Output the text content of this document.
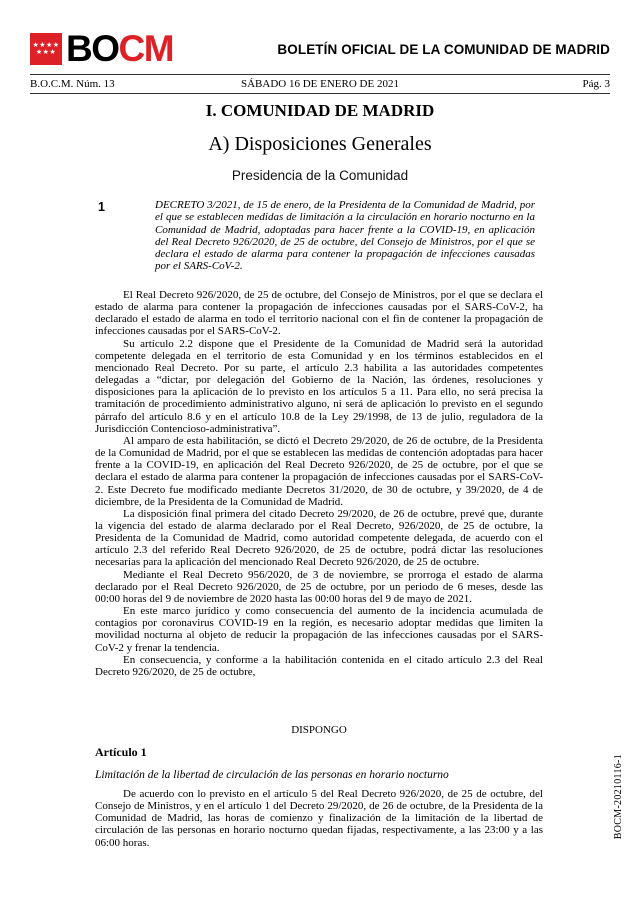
★★★★
★★★ BOCM	BOLETÍN OFICIAL DE LA COMUNIDAD DE MADRID
B.O.C.M. Núm. 13	SÁBADO 16 DE ENERO DE 2021	Pág. 3
I. COMUNIDAD DE MADRID
A) Disposiciones Generales
Presidencia de la Comunidad
1	DECRETO 3/2021, de 15 de enero, de la Presidenta de la Comunidad de Madrid, por el que se establecen medidas de limitación a la circulación en horario nocturno en la Comunidad de Madrid, adoptadas para hacer frente a la COVID-19, en aplicación del Real Decreto 926/2020, de 25 de octubre, del Consejo de Ministros, por el que se declara el estado de alarma para contener la propagación de infecciones causadas por el SARS-CoV-2.

El Real Decreto 926/2020, de 25 de octubre, del Consejo de Ministros, por el que se declara el estado de alarma para contener la propagación de infecciones causadas por el SARS-CoV-2, ha declarado el estado de alarma en todo el territorio nacional con el fin de contener la propagación de infecciones causadas por el SARS-CoV-2.

Su artículo 2.2 dispone que el Presidente de la Comunidad de Madrid será la autoridad competente delegada en el territorio de esta Comunidad y en los términos establecidos en el mencionado Real Decreto. Por su parte, el artículo 2.3 habilita a las autoridades competentes delegadas a “dictar, por delegación del Gobierno de la Nación, las órdenes, resoluciones y disposiciones para la aplicación de lo previsto en los artículos 5 a 11. Para ello, no será precisa la tramitación de procedimiento administrativo alguno, ni será de aplicación lo previsto en el segundo párrafo del artículo 8.6 y en el artículo 10.8 de la Ley 29/1998, de 13 de julio, reguladora de la Jurisdicción Contencioso-administrativa”.

Al amparo de esta habilitación, se dictó el Decreto 29/2020, de 26 de octubre, de la Presidenta de la Comunidad de Madrid, por el que se establecen las medidas de contención adoptadas para hacer frente a la COVID-19, en aplicación del Real Decreto 926/2020, de 25 de octubre, por el que se declara el estado de alarma para contener la propagación de infecciones causadas por el SARS-CoV-2. Este Decreto fue modificado mediante Decretos 31/2020, de 30 de octubre, y 39/2020, de 4 de diciembre, de la Presidenta de la Comunidad de Madrid.

La disposición final primera del citado Decreto 29/2020, de 26 de octubre, prevé que, durante la vigencia del estado de alarma declarado por el Real Decreto, 926/2020, de 25 de octubre, la Presidenta de la Comunidad de Madrid, como autoridad competente delegada, de acuerdo con el artículo 2.3 del referido Real Decreto 926/2020, de 25 de octubre, podrá dictar las resoluciones necesarias para la aplicación del mencionado Real Decreto 926/2020, de 25 de octubre.

Mediante el Real Decreto 956/2020, de 3 de noviembre, se prorroga el estado de alarma declarado por el Real Decreto 926/2020, de 25 de octubre, por un periodo de 6 meses, desde las 00:00 horas del 9 de noviembre de 2020 hasta las 00:00 horas del 9 de mayo de 2021.

En este marco jurídico y como consecuencia del aumento de la incidencia acumulada de contagios por coronavirus COVID-19 en la región, es necesario adoptar medidas que limiten la movilidad nocturna al objeto de reducir la propagación de las infecciones causadas por el SARS-CoV-2 y frenar la tendencia.

En consecuencia, y conforme a la habilitación contenida en el citado artículo 2.3 del Real Decreto 926/2020, de 25 de octubre,

DISPONGO
Artículo 1
Limitación de la libertad de circulación de las personas en horario nocturno

De acuerdo con lo previsto en el artículo 5 del Real Decreto 926/2020, de 25 de octubre, del Consejo de Ministros, y en el artículo 1 del Decreto 29/2020, de 26 de octubre, de la Presidenta de la Comunidad de Madrid, las horas de comienzo y finalización de la limitación de la libertad de circulación de las personas en horario nocturno quedan fijadas, respectivamente, a las 23:00 y a las 06:00 horas.

BOCM-20210116-1
